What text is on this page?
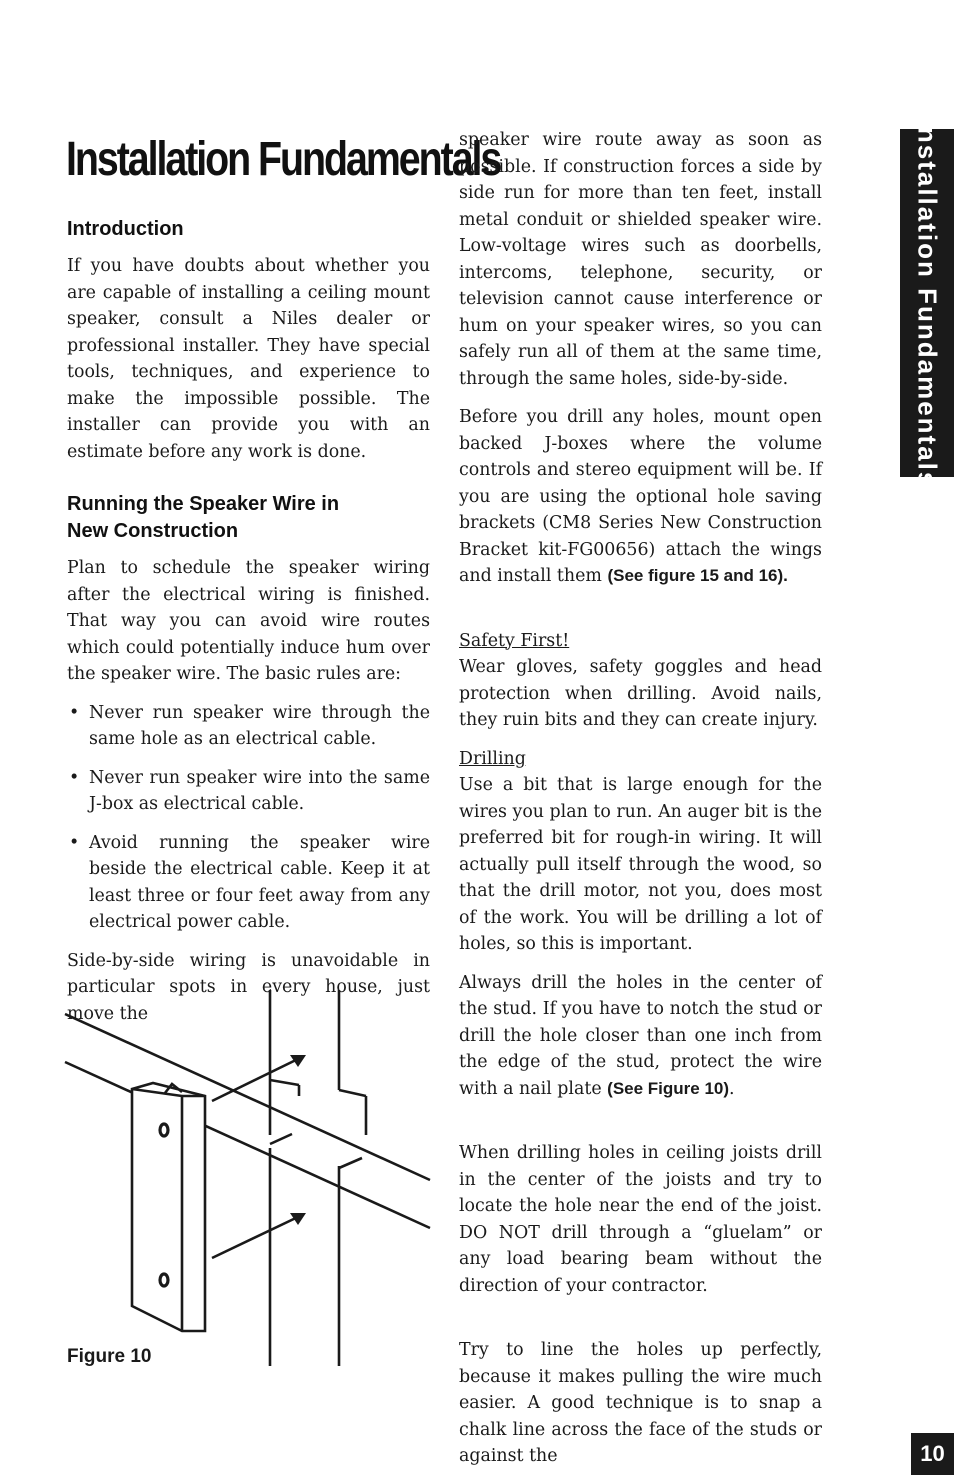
Installation Fundamentals
Introduction

If you have doubts about whether you are capable of installing a ceiling mount speaker, consult a Niles dealer or professional installer. They have special tools, techniques, and experience to make the impossible possible. The installer can provide you with an estimate before any work is done.

Running the Speaker Wire in
New Construction

Plan to schedule the speaker wiring after the electrical wiring is finished. That way you can avoid wire routes which could potentially induce hum over the speaker wire. The basic rules are:

• Never run speaker wire through the same hole as an electrical cable.
• Never run speaker wire into the same J-box as electrical cable.
• Avoid running the speaker wire beside the electrical cable. Keep it at least three or four feet away from any electrical power cable.

Side-by-side wiring is unavoidable in particular spots in every house, just move the

Figure 10

speaker wire route away as soon as possible. If construction forces a side by side run for more than ten feet, install metal conduit or shielded speaker wire. Low-voltage wires such as doorbells, intercoms, telephone, security, or television cannot cause interference or hum on your speaker wires, so you can safely run all of them at the same time, through the same holes, side-by-side.

Before you drill any holes, mount open backed J-boxes where the volume controls and stereo equipment will be. If you are using the optional hole saving brackets (CM8 Series New Construction Bracket kit-FG00656) attach the wings and install them (See figure 15 and 16).

Safety First!
Wear gloves, safety goggles and head protection when drilling. Avoid nails, they ruin bits and they can create injury.

Drilling
Use a bit that is large enough for the wires you plan to run. An auger bit is the preferred bit for rough-in wiring. It will actually pull itself through the wood, so that the drill motor, not you, does most of the work. You will be drilling a lot of holes, so this is important.

Always drill the holes in the center of the stud. If you have to notch the stud or drill the hole closer than one inch from the edge of the stud, protect the wire with a nail plate (See Figure 10).

When drilling holes in ceiling joists drill in the center of the joists and try to locate the hole near the end of the joist. DO NOT drill through a “gluelam” or any load bearing beam without the direction of your contractor.

Try to line the holes up perfectly, because it makes pulling the wire much easier. A good technique is to snap a chalk line across the face of the studs or against the

Installation Fundamentals
10
